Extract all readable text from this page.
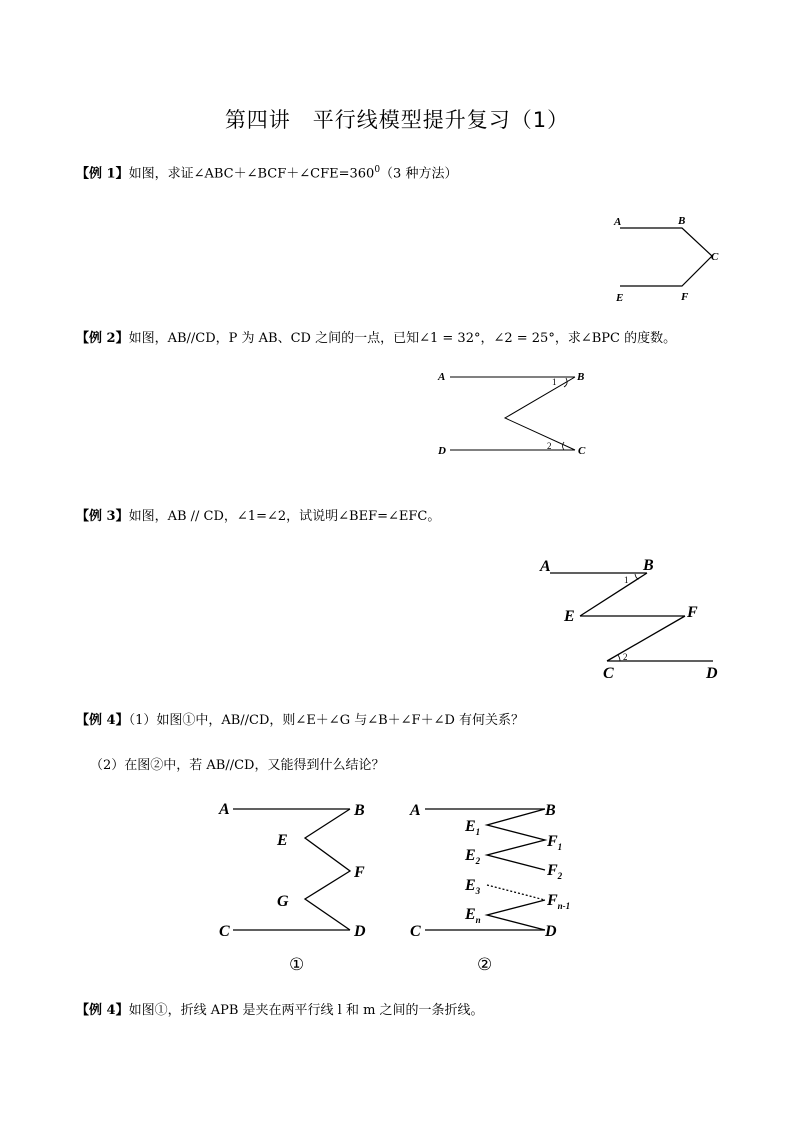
第四讲　平行线模型提升复习（1）
【例 1】如图，求证$\angle ABC+\angle BCF+\angle CFE=360^0(3$ 种方法）
A	B
C
E	F
【例 2】如图，AB//CD，P 为 AB、CD 之间的一点，已知∠1 = 32°，∠2 = 25°，求∠BPC 的度数。
A	B
C
D
1
2
【例 3】如图，AB // CD，∠1=∠2，试说明∠BEF=∠EFC。
A	B
E	F
C	D
1
2
【例 4】（1）如图①中，AB//CD，则∠E＋∠G 与∠B＋∠F＋∠D 有何关系？
（2）在图②中，若 AB//CD，又能得到什么结论？
A	B
E
F
G
C	D
①
A	B
$E_1$
$F_1$
$E_2$
$F_2$
$E_3$
$F_{n-1}$
$E_n$
C	D
②
【例 4】如图①，折线 APB 是夹在两平行线 l 和 m 之间的一条折线。
